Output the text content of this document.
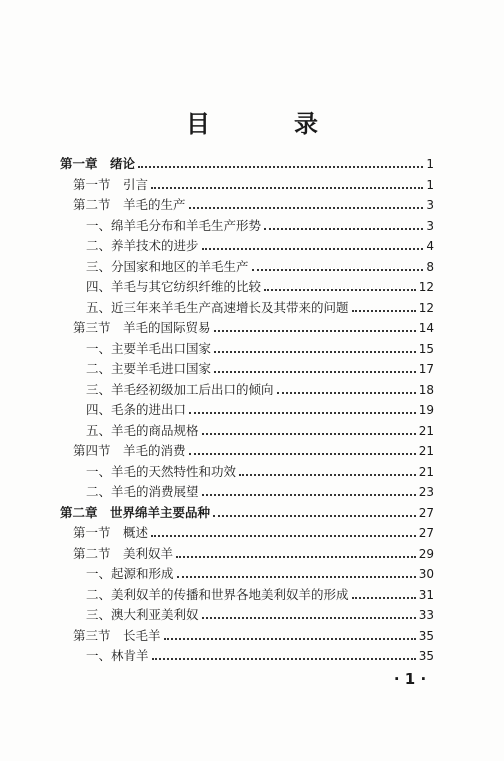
目　录
第一章　绪论	1
第一节　引言	1
第二节　羊毛的生产	3
一、绵羊毛分布和羊毛生产形势	3
二、养羊技术的进步	4
三、分国家和地区的羊毛生产	8
四、羊毛与其它纺织纤维的比较	12
五、近三年来羊毛生产高速增长及其带来的问题	12
第三节　羊毛的国际贸易	14
一、主要羊毛出口国家	15
二、主要羊毛进口国家	17
三、羊毛经初级加工后出口的倾向	18
四、毛条的进出口	19
五、羊毛的商品规格	21
第四节　羊毛的消费	21
一、羊毛的天然特性和功效	21
二、羊毛的消费展望	23
第二章　世界绵羊主要品种	27
第一节　概述	27
第二节　美利奴羊	29
一、起源和形成	30
二、美利奴羊的传播和世界各地美利奴羊的形成	31
三、澳大利亚美利奴	33
第三节　长毛羊	35
一、林肯羊	35
· 1 ·
